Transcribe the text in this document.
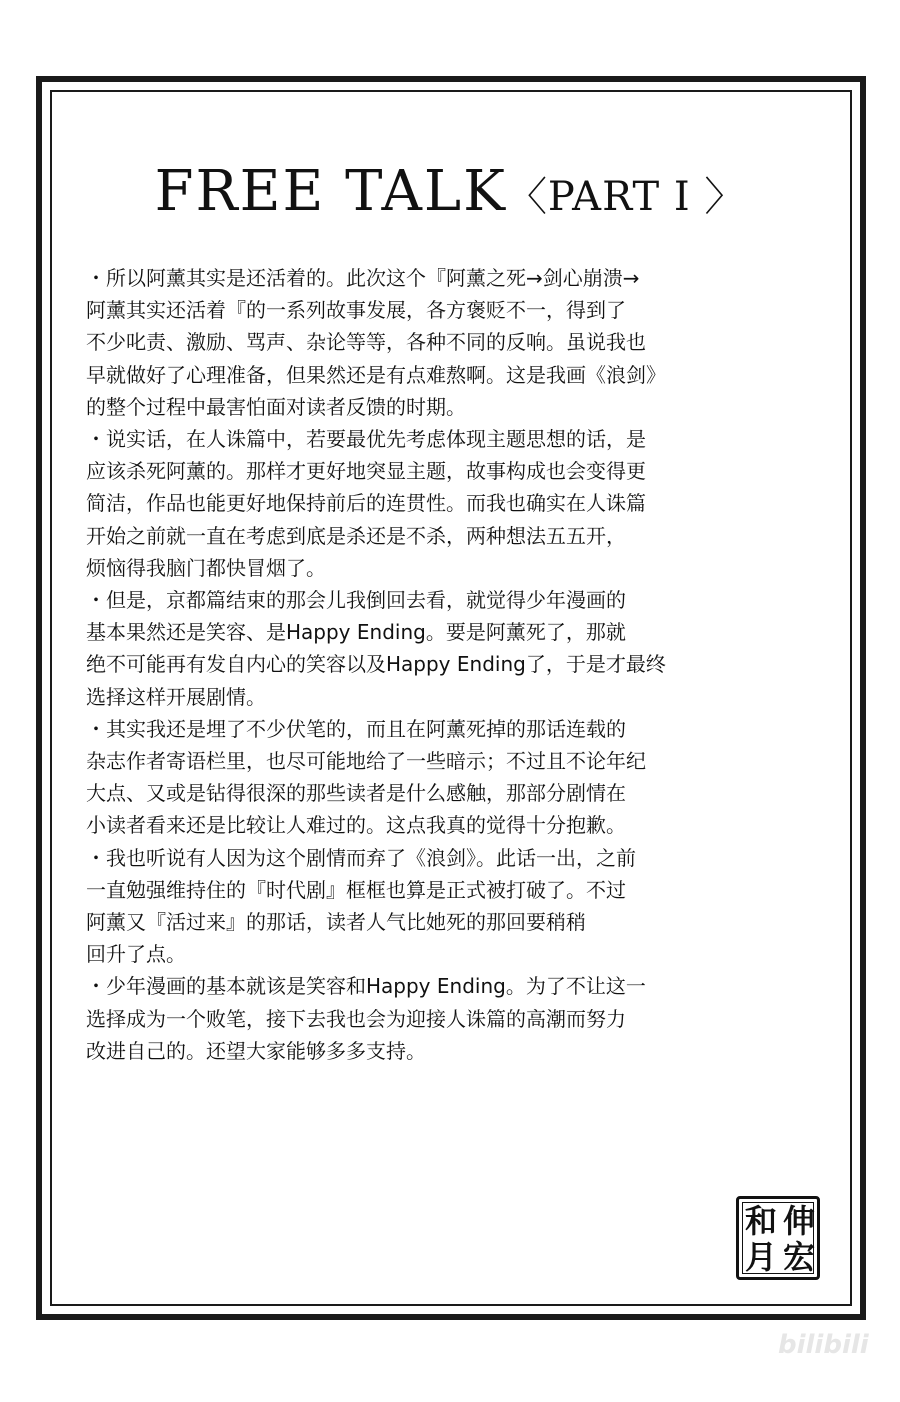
FREE TALK〈PART I 〉
・所以阿薰其实是还活着的。此次这个『阿薰之死→剑心崩溃→
阿薰其实还活着『的一系列故事发展，各方褒贬不一，得到了
不少叱责、激励、骂声、杂论等等，各种不同的反响。虽说我也
早就做好了心理准备，但果然还是有点难熬啊。这是我画《浪剑》
的整个过程中最害怕面对读者反馈的时期。
・说实话，在人诛篇中，若要最优先考虑体现主题思想的话，是
应该杀死阿薰的。那样才更好地突显主题，故事构成也会变得更
简洁，作品也能更好地保持前后的连贯性。而我也确实在人诛篇
开始之前就一直在考虑到底是杀还是不杀，两种想法五五开，
烦恼得我脑门都快冒烟了。
・但是，京都篇结束的那会儿我倒回去看，就觉得少年漫画的
基本果然还是笑容、是Happy Ending。要是阿薰死了，那就
绝不可能再有发自内心的笑容以及Happy Ending了，于是才最终
选择这样开展剧情。
・其实我还是埋了不少伏笔的，而且在阿薰死掉的那话连载的
杂志作者寄语栏里，也尽可能地给了一些暗示；不过且不论年纪
大点、又或是钻得很深的那些读者是什么感触，那部分剧情在
小读者看来还是比较让人难过的。这点我真的觉得十分抱歉。
・我也听说有人因为这个剧情而弃了《浪剑》。此话一出，之前
一直勉强维持住的『时代剧』框框也算是正式被打破了。不过
阿薰又『活过来』的那话，读者人气比她死的那回要稍稍
回升了点。
・少年漫画的基本就该是笑容和Happy Ending。为了不让这一
选择成为一个败笔，接下去我也会为迎接人诛篇的高潮而努力
改进自己的。还望大家能够多多支持。
伸
宏
和
月
bilibili
